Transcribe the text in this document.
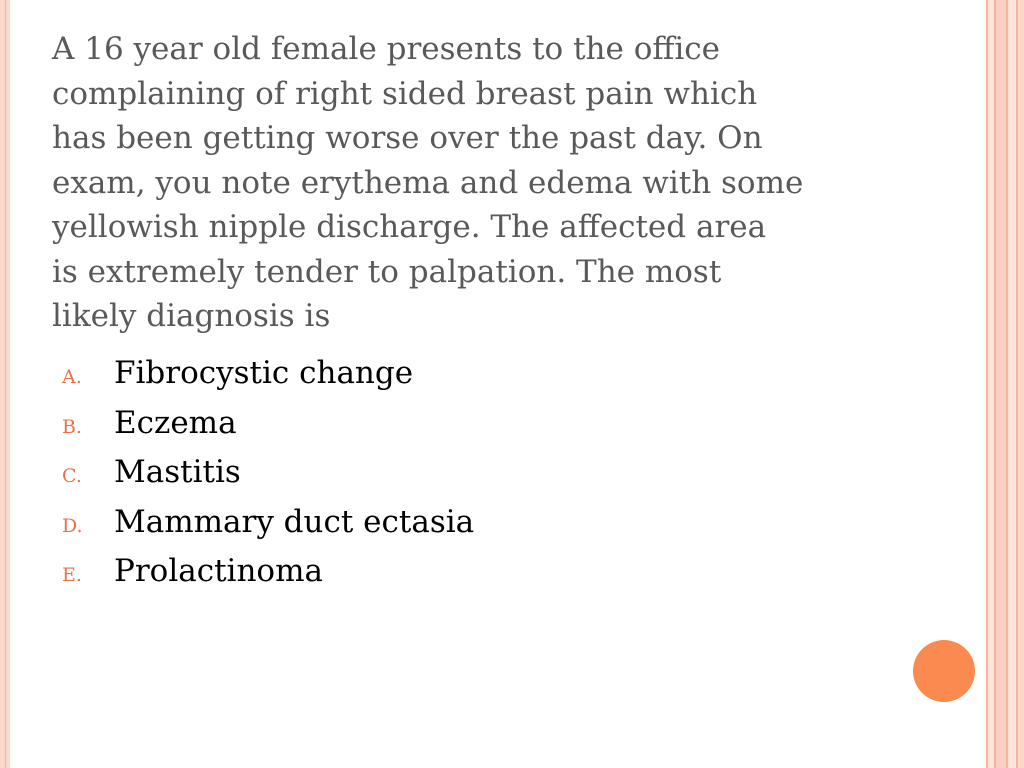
A 16 year old female presents to the office
complaining of right sided breast pain which
has been getting worse over the past day. On
exam, you note erythema and edema with some
yellowish nipple discharge. The affected area
is extremely tender to palpation. The most
likely diagnosis is
A.	Fibrocystic change
B.	Eczema
C.	Mastitis
D.	Mammary duct ectasia
E.	Prolactinoma
